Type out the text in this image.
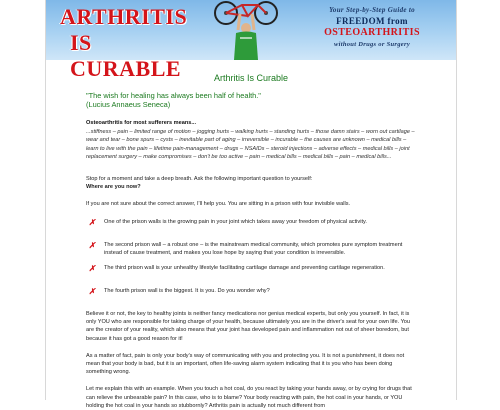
ARTHRITIS
IS CURABLE
Your Step-by-Step Guide to
FREEDOM from
OSTEOARTHRITIS
without Drugs or Surgery
Arthritis Is Curable
"The wish for healing has always been half of health."
(Lucius Annaeus Seneca)
Osteoarthritis for most sufferers means...
...stiffness – pain – limited range of motion – jogging hurts – walking hurts – standing hurts – those damn stairs – worn out cartilage – wear and tear – bone spurs – cysts – inevitable part of aging – irreversible – incurable – the causes are unknown – medical bills – learn to live with the pain – lifetime pain-management – drugs – NSAIDs – steroid injections – adverse effects – medical bills – joint replacement surgery – make compromises – don't be too active – pain – medical bills – medical bills – pain – medical bills...

Stop for a moment and take a deep breath. Ask the following important question to yourself:
Where are you now?

If you are not sure about the correct answer, I'll help you. You are sitting in a prison with four invisible walls.

✗	One of the prison walls is the growing pain in your joint which takes away your freedom of physical activity.
✗	The second prison wall – a robust one – is the mainstream medical community, which promotes pure symptom treatment instead of cause treatment, and makes you lose hope by saying that your condition is irreversible.
✗	The third prison wall is your unhealthy lifestyle facilitating cartilage damage and preventing cartilage regeneration.
✗	The fourth prison wall is the biggest. It is you. Do you wonder why?

Believe it or not, the key to healthy joints is neither fancy medications nor genius medical experts, but only you yourself. In fact, it is only YOU who are responsible for taking charge of your health, because ultimately you are in the driver's seat for your own life. You are the creator of your reality, which also means that your joint has developed pain and inflammation not out of sheer boredom, but because it has got a good reason for it!

As a matter of fact, pain is only your body's way of communicating with you and protecting you. It is not a punishment, it does not mean that your body is bad, but it is an important, often life-saving alarm system indicating that it is you who has been doing something wrong.

Let me explain this with an example. When you touch a hot coal, do you react by taking your hands away, or by crying for drugs that can relieve the unbearable pain? In this case, who is to blame? Your body reacting with pain, the hot coal in your hands, or YOU holding the hot coal in your hands so stubbornly? Arthritis pain is actually not much different from
